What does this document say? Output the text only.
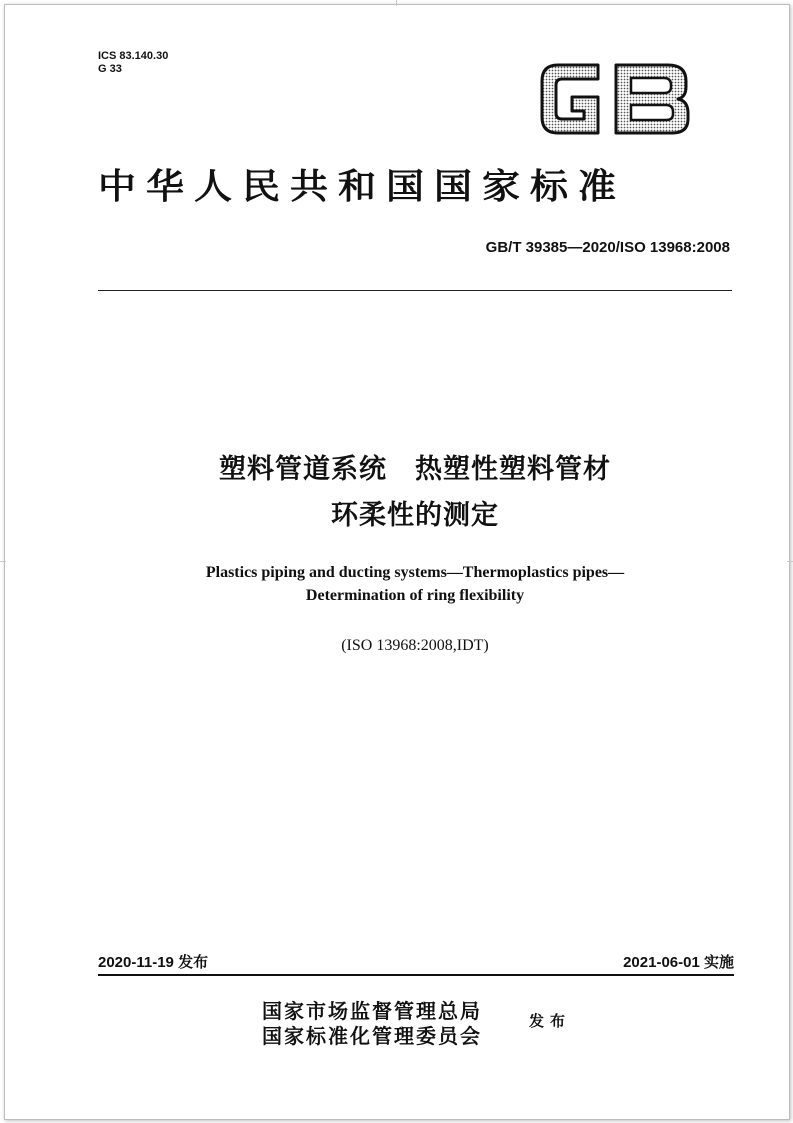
ICS 83.140.30
G 33
中华人民共和国国家标准
GB/T 39385—2020/ISO 13968:2008
塑料管道系统　热塑性塑料管材
环柔性的测定
Plastics piping and ducting systems—Thermoplastics pipes—
Determination of ring flexibility
(ISO 13968:2008,IDT)
2020-11-19 发布	2021-06-01 实施
国家市场监督管理总局
国家标准化管理委员会
发布
